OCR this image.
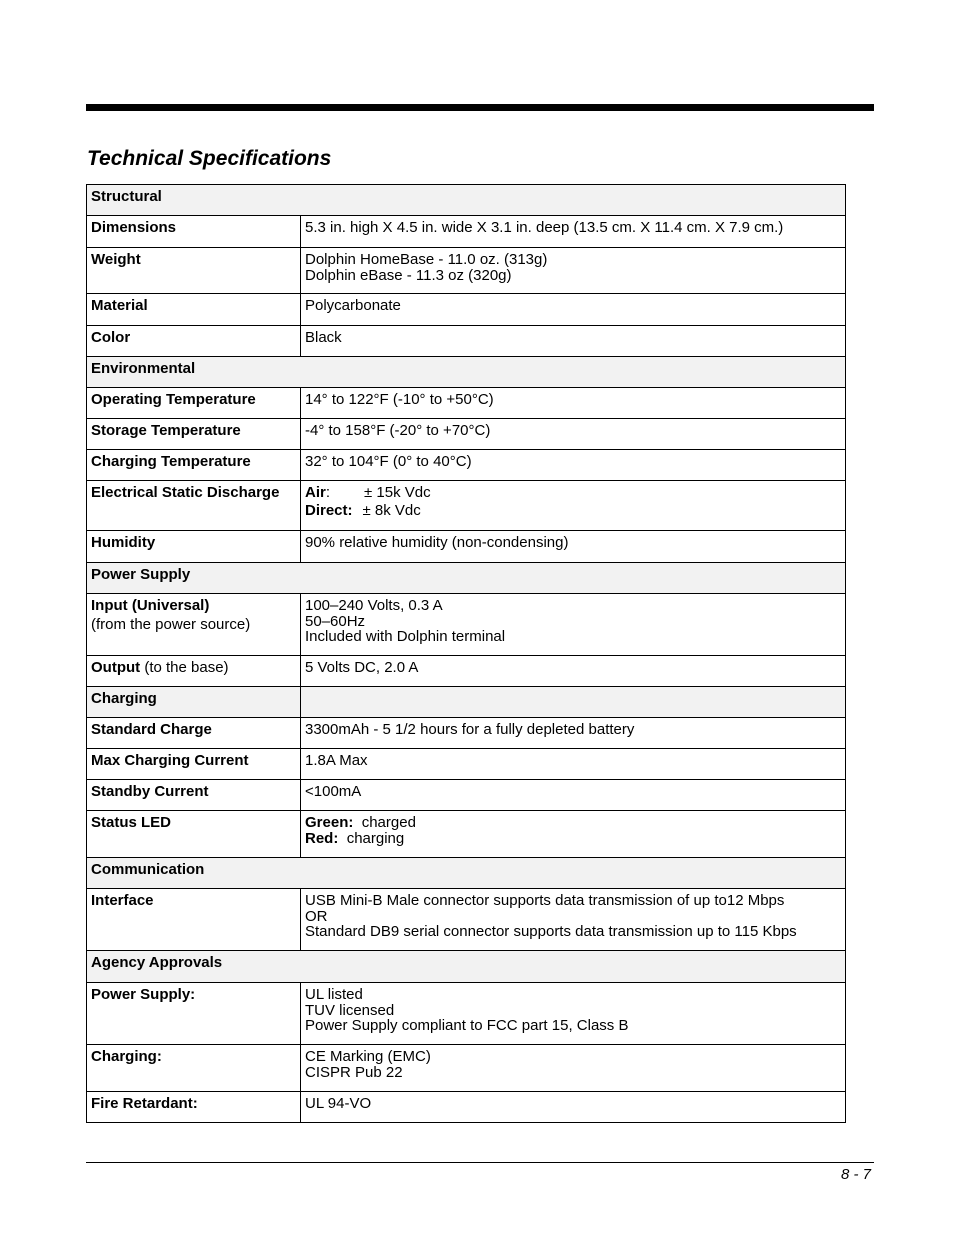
Technical Specifications
Structural	
Dimensions	5.3 in. high X 4.5 in. wide X 3.1 in. deep (13.5 cm. X 11.4 cm. X 7.9 cm.)
Weight	Dolphin HomeBase - 11.0 oz. (313g)
Dolphin eBase - 11.3 oz (320g)

Material	Polycarbonate
Color	Black
Environmental	
Operating Temperature	14° to 122°F (-10° to +50°C)
Storage Temperature	-4° to 158°F (-20° to +70°C)
Charging Temperature	32° to 104°F (0° to 40°C)
Electrical Static Discharge	Air: ± 15k Vdc
Direct: ± 8k Vdc

Humidity	90% relative humidity (non-condensing)
Power Supply	

Input (Universal)
(from the power source)	100–240 Volts, 0.3 A
50–60Hz
Included with Dolphin terminal

Output (to the base)	5 Volts DC, 2.0 A
Charging	
Standard Charge	3300mAh - 5 1/2 hours for a fully depleted battery
Max Charging Current	1.8A Max
Standby Current	<100mA
Status LED	Green: charged
Red: charging

Communication	
Interface	USB Mini-B Male connector supports data transmission of up to12 Mbps
OR
Standard DB9 serial connector supports data transmission up to 115 Kbps

Agency Approvals	
Power Supply:	UL listed
TUV licensed
Power Supply compliant to FCC part 15, Class B

Charging:	CE Marking (EMC)
CISPR Pub 22

Fire Retardant:	UL 94-VO
8 - 7
